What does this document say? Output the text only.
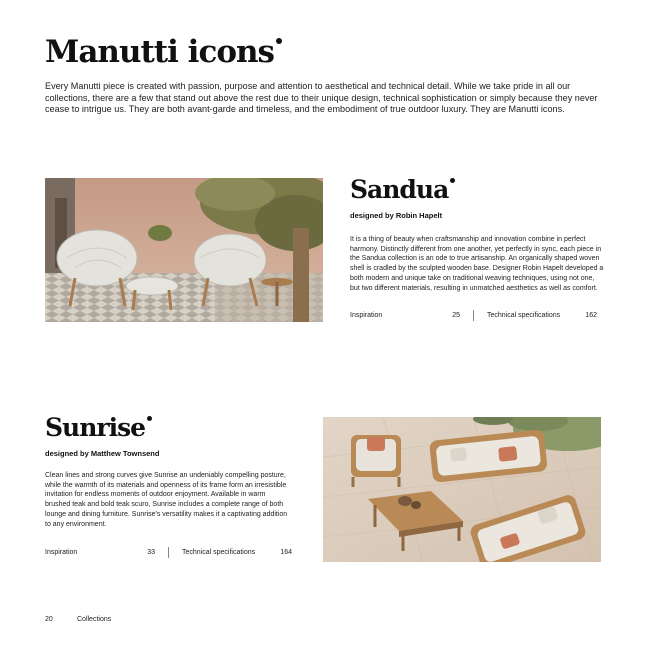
Manutti icons

Every Manutti piece is created with passion, purpose and attention to aesthetical and technical detail. While we take pride in all our collections, there are a few that stand out above the rest due to their unique design, technical sophistication or simply because they never cease to intrigue us. They are both avant-garde and timeless, and the embodiment of true outdoor luxury. They are Manutti icons.

Sandua
designed by Robin Hapelt

It is a thing of beauty when craftsmanship and innovation combine in perfect harmony. Distinctly different from one another, yet perfectly in sync, each piece in the Sandua collection is an ode to true artisanship. An organically shaped woven shell is cradled by the sculpted wooden base. Designer Robin Hapelt developed a both modern and unique take on traditional weaving techniques, using not one, but two different materials, resulting in unmatched aesthetics as well as comfort.

Inspiration	25	Technical specifications	162
Sunrise
designed by Matthew Townsend

Clean lines and strong curves give Sunrise an undeniably compelling posture, while the warmth of its materials and openness of its frame form an irresistible invitation for endless moments of outdoor enjoyment. Available in warm brushed teak and bold teak scuro, Sunrise includes a complete range of both lounge and dining furniture. Sunrise's versatility makes it a captivating addition to any environment.

Inspiration	33	Technical specifications	164
20	Collections
